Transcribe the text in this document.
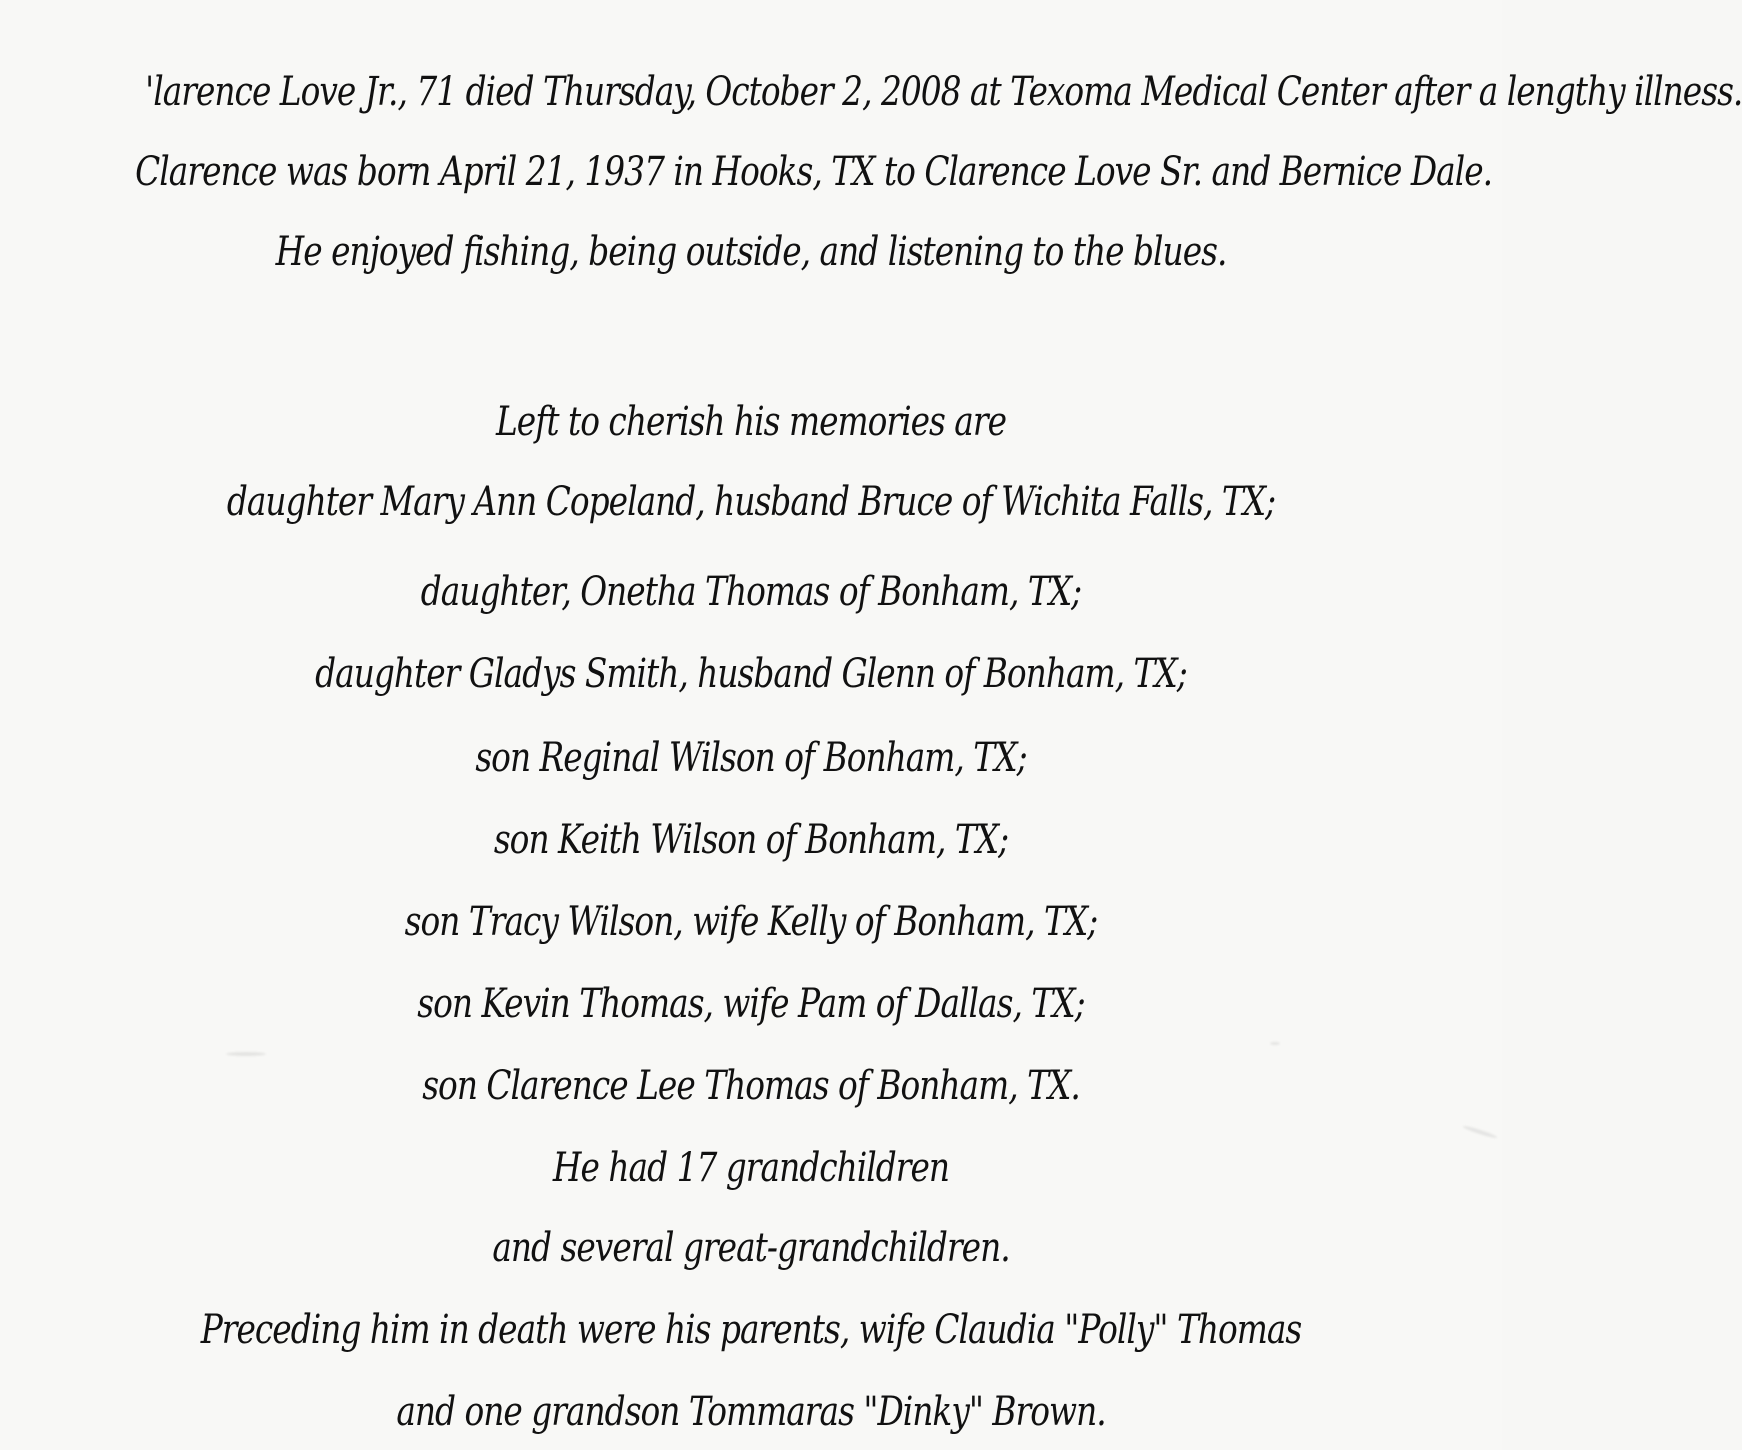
'larence Love Jr., 71 died Thursday, October 2, 2008 at Texoma Medical Center after a lengthy illness.
Clarence was born April 21, 1937 in Hooks, TX to Clarence Love Sr. and Bernice Dale.
He enjoyed fishing, being outside, and listening to the blues.
Left to cherish his memories are
daughter Mary Ann Copeland, husband Bruce of Wichita Falls, TX;
daughter, Onetha Thomas of Bonham, TX;
daughter Gladys Smith, husband Glenn of Bonham, TX;
son Reginal Wilson of Bonham, TX;
son Keith Wilson of Bonham, TX;
son Tracy Wilson, wife Kelly of Bonham, TX;
son Kevin Thomas, wife Pam of Dallas, TX;
son Clarence Lee Thomas of Bonham, TX.
He had 17 grandchildren
and several great-grandchildren.
Preceding him in death were his parents, wife Claudia "Polly" Thomas
and one grandson Tommaras "Dinky" Brown.
